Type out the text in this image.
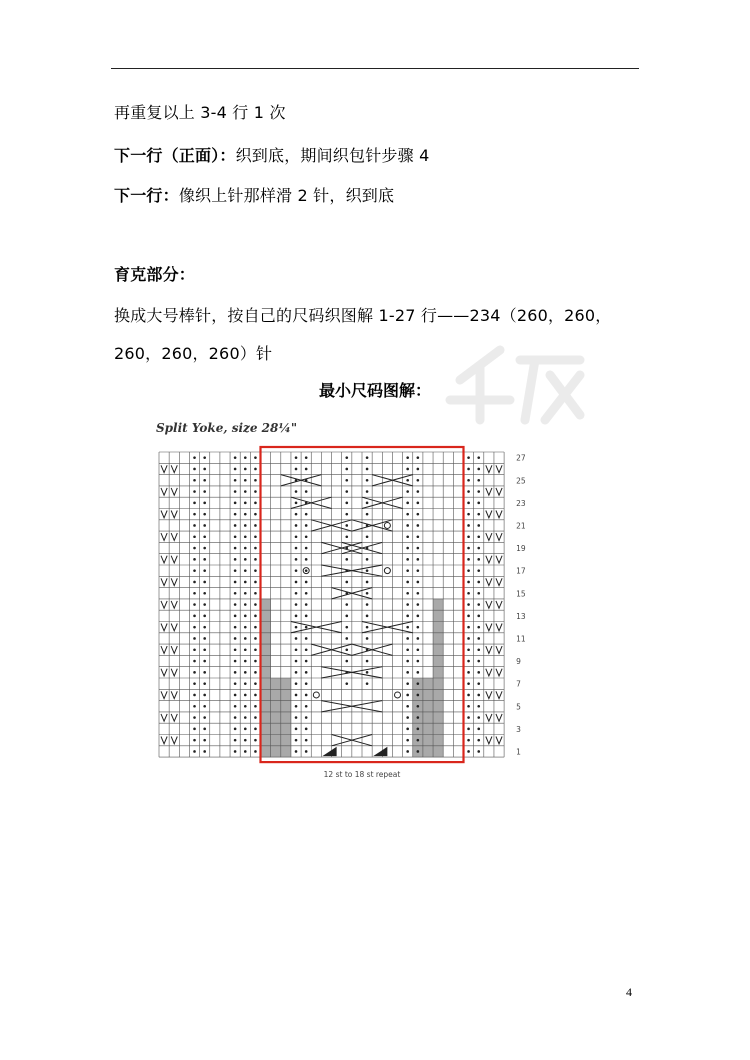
再重复以上 3-4 行 1 次
下一行（正面）：织到底，期间织包针步骤 4
下一行：像织上针那样滑 2 针，织到底
育克部分：
换成大号棒针，按自己的尺码织图解 1-27 行——234（260，260，
260，260，260）针
最小尺码图解：
Split Yoke, size 28¼"
27
25
23
21
19
17
15
13
11
9
7
5
3
1
12 st to 18 st repeat
4
